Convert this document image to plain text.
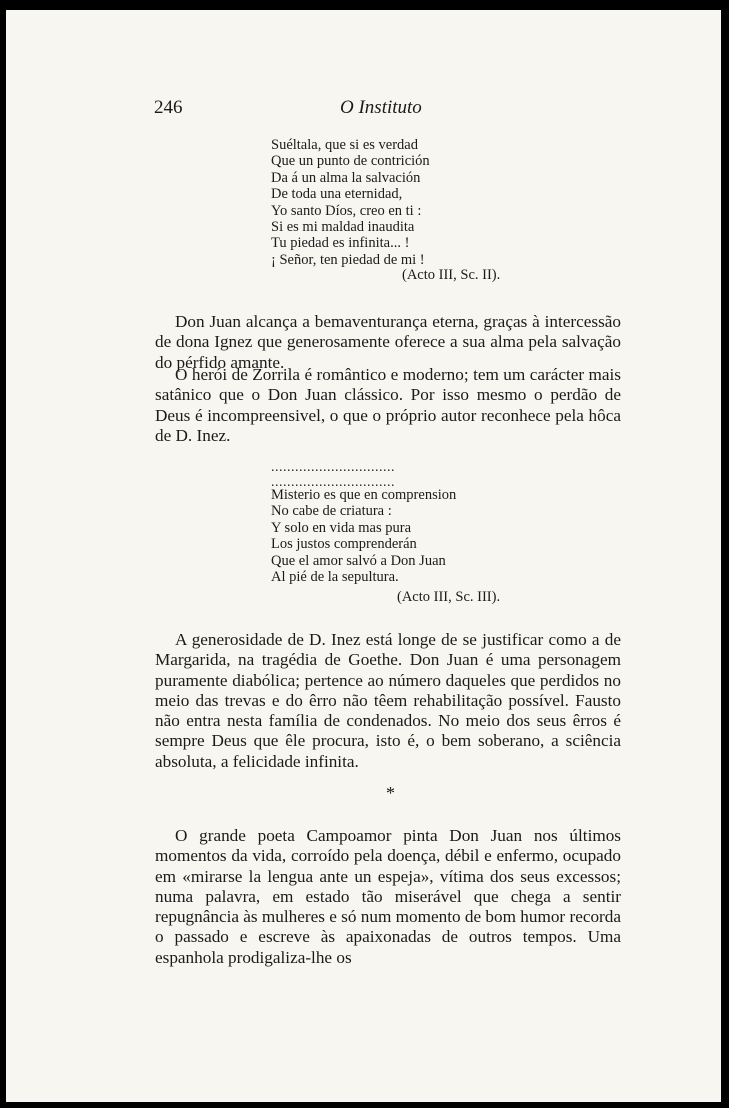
246	O Instituto
Suéltala, que si es verdad
Que un punto de contrición
Da á un alma la salvación
De toda una eternidad,
Yo santo Díos, creo en ti :
Si es mi maldad inaudita
Tu piedad es infinita... !
¡ Señor, ten piedad de mi !
(Acto III, Sc. II).

Don Juan alcança a bemaventurança eterna, graças à intercessão de dona Ignez que generosamente oferece a sua alma pela salvação do pérfido amante.

O herói de Zorrila é romântico e moderno; tem um carácter mais satânico que o Don Juan clássico. Por isso mesmo o perdão de Deus é incompreensivel, o que o próprio autor reconhece pela hôca de D. Inez.

...............................
...............................
Misterio es que en comprension
No cabe de criatura :
Y solo en vida mas pura
Los justos comprenderán
Que el amor salvó a Don Juan
Al pié de la sepultura.
(Acto III, Sc. III).

A generosidade de D. Inez está longe de se justificar como a de Margarida, na tragédia de Goethe. Don Juan é uma personagem puramente diabólica; pertence ao número daqueles que perdidos no meio das trevas e do êrro não têem rehabilitação possível. Fausto não entra nesta família de condenados. No meio dos seus êrros é sempre Deus que êle procura, isto é, o bem soberano, a sciência absoluta, a felicidade infinita.

*

O grande poeta Campoamor pinta Don Juan nos últimos momentos da vida, corroído pela doença, débil e enfermo, ocupado em «mirarse la lengua ante un espeja», vítima dos seus excessos; numa palavra, em estado tão miserável que chega a sentir repugnância às mulheres e só num momento de bom humor recorda o passado e escreve às apaixonadas de outros tempos. Uma espanhola prodigaliza-lhe os
